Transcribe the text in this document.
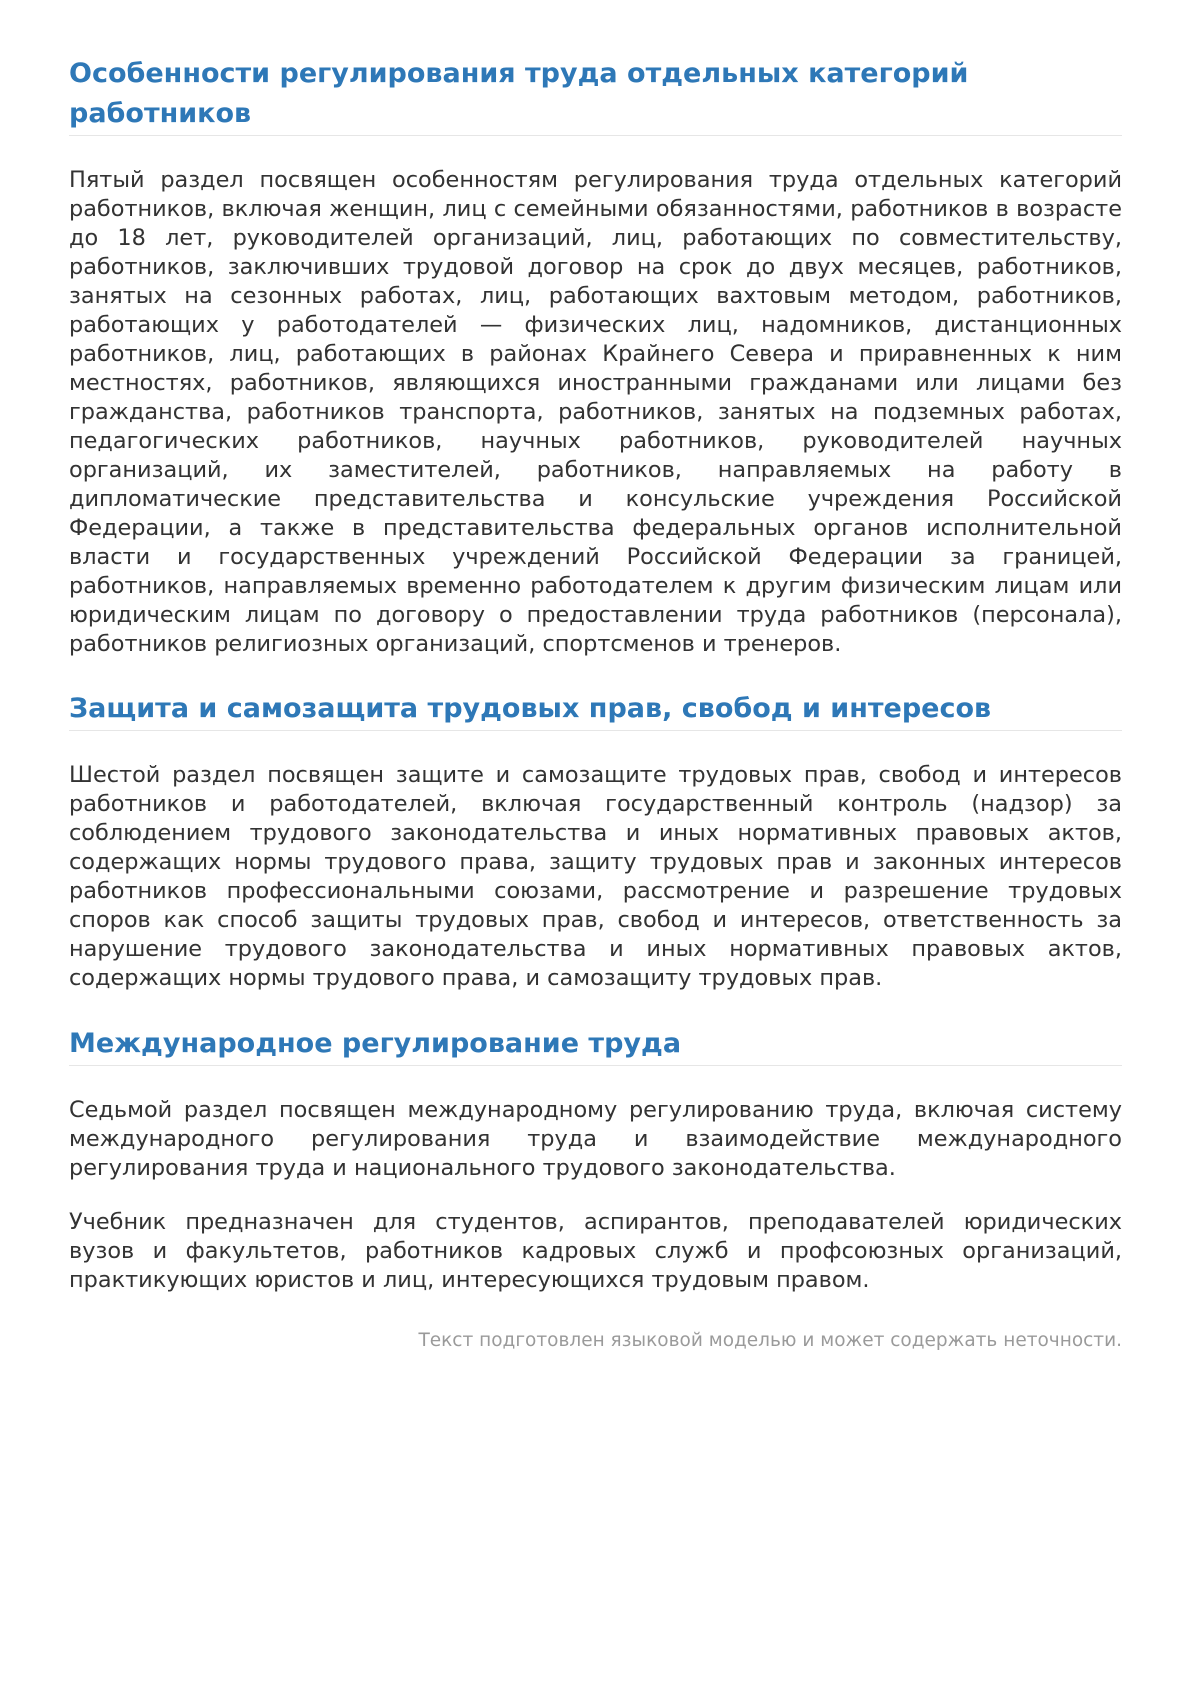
Особенности регулирования труда отдельных категорий работников

Пятый раздел посвящен особенностям регулирования труда отдельных категорий работников, включая женщин, лиц с семейными обязанностями, работников в возрасте до 18 лет, руководителей организаций, лиц, работающих по совместительству, работников, заключивших трудовой договор на срок до двух месяцев, работников, занятых на сезонных работах, лиц, работающих вахтовым методом, работников, работающих у работодателей — физических лиц, надомников, дистанционных работников, лиц, работающих в районах Крайнего Севера и приравненных к ним местностях, работников, являющихся иностранными гражданами или лицами без гражданства, работников транспорта, работников, занятых на подземных работах, педагогических работников, научных работников, руководителей научных организаций, их заместителей, работников, направляемых на работу в дипломатические представительства и консульские учреждения Российской Федерации, а также в представительства федеральных органов исполнительной власти и государственных учреждений Российской Федерации за границей, работников, направляемых временно работодателем к другим физическим лицам или юридическим лицам по договору о предоставлении труда работников (персонала), работников религиозных организаций, спортсменов и тренеров.

Защита и самозащита трудовых прав, свобод и интересов

Шестой раздел посвящен защите и самозащите трудовых прав, свобод и интересов работников и работодателей, включая государственный контроль (надзор) за соблюдением трудового законодательства и иных нормативных правовых актов, содержащих нормы трудового права, защиту трудовых прав и законных интересов работников профессиональными союзами, рассмотрение и разрешение трудовых споров как способ защиты трудовых прав, свобод и интересов, ответственность за нарушение трудового законодательства и иных нормативных правовых актов, содержащих нормы трудового права, и самозащиту трудовых прав.

Международное регулирование труда

Седьмой раздел посвящен международному регулированию труда, включая систему международного регулирования труда и взаимодействие международного регулирования труда и национального трудового законодательства.

Учебник предназначен для студентов, аспирантов, преподавателей юридических вузов и факультетов, работников кадровых служб и профсоюзных организаций, практикующих юристов и лиц, интересующихся трудовым правом.

Текст подготовлен языковой моделью и может содержать неточности.
